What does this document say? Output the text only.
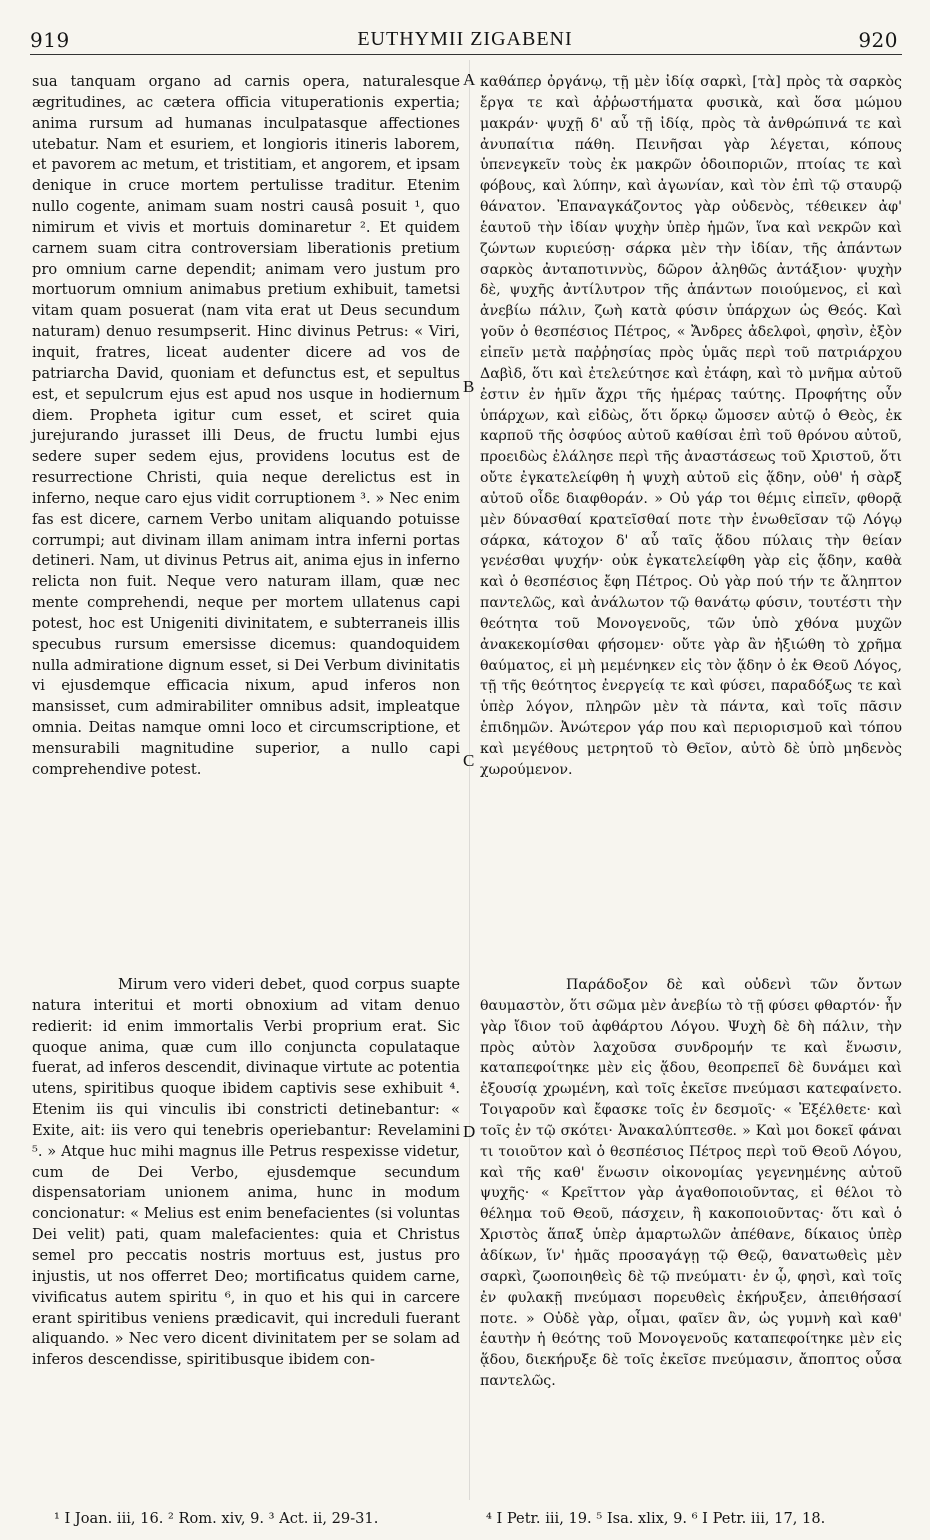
919	EUTHYMII ZIGABENI	920

sua tanquam organo ad carnis opera, naturalesque ægritudines, ac cætera officia vituperationis expertia; anima rursum ad humanas inculpatasque affectiones utebatur. Nam et esuriem, et longioris itineris laborem, et pavorem ac metum, et tristitiam, et angorem, et ipsam denique in cruce mortem pertulisse traditur. Etenim nullo cogente, animam suam nostri causâ posuit ¹, quo nimirum et vivis et mortuis dominaretur ². Et quidem carnem suam citra controversiam liberationis pretium pro omnium carne dependit; animam vero justum pro mortuorum omnium animabus pretium exhibuit, tametsi vitam quam posuerat (nam vita erat ut Deus secundum naturam) denuo resumpserit. Hinc divinus Petrus: « Viri, inquit, fratres, liceat audenter dicere ad vos de patriarcha David, quoniam et defunctus est, et sepultus est, et sepulcrum ejus est apud nos usque in hodiernum diem. Propheta igitur cum esset, et sciret quia jurejurando jurasset illi Deus, de fructu lumbi ejus sedere super sedem ejus, providens locutus est de resurrectione Christi, quia neque derelictus est in inferno, neque caro ejus vidit corruptionem ³. » Nec enim fas est dicere, carnem Verbo unitam aliquando potuisse corrumpi; aut divinam illam animam intra inferni portas detineri. Nam, ut divinus Petrus ait, anima ejus in inferno relicta non fuit. Neque vero naturam illam, quæ nec mente comprehendi, neque per mortem ullatenus capi potest, hoc est Unigeniti divinitatem, e subterraneis illis specubus rursum emersisse dicemus: quandoquidem nulla admiratione dignum esset, si Dei Verbum divinitatis vi ejusdemque efficacia nixum, apud inferos non mansisset, cum admirabiliter omnibus adsit, impleatque omnia. Deitas namque omni loco et circumscriptione, et mensurabili magnitudine superior, a nullo capi comprehendive potest.

καθάπερ ὀργάνῳ, τῇ μὲν ἰδίᾳ σαρκὶ, [τὰ] πρὸς τὰ σαρκὸς ἔργα τε καὶ ἀῤῥωστήματα φυσικὰ, καὶ ὅσα μώμου μακράν· ψυχῇ δ' αὖ τῇ ἰδίᾳ, πρὸς τὰ ἀνθρώπινά τε καὶ ἀνυπαίτια πάθη. Πεινῆσαι γὰρ λέγεται, κόπους ὑπενεγκεῖν τοὺς ἐκ μακρῶν ὁδοιποριῶν, πτοίας τε καὶ φόβους, καὶ λύπην, καὶ ἀγωνίαν, καὶ τὸν ἐπὶ τῷ σταυρῷ θάνατον. Ἐπαναγκάζοντος γὰρ οὐδενὸς, τέθεικεν ἀφ' ἑαυτοῦ τὴν ἰδίαν ψυχὴν ὑπὲρ ἡμῶν, ἵνα καὶ νεκρῶν καὶ ζώντων κυριεύσῃ· σάρκα μὲν τὴν ἰδίαν, τῆς ἁπάντων σαρκὸς ἀνταποτιννὺς, δῶρον ἀληθῶς ἀντάξιον· ψυχὴν δὲ, ψυχῆς ἀντίλυτρον τῆς ἁπάντων ποιούμενος, εἰ καὶ ἀνεβίω πάλιν, ζωὴ κατὰ φύσιν ὑπάρχων ὡς Θεός. Καὶ γοῦν ὁ θεσπέσιος Πέτρος, « Ἄνδρες ἀδελφοὶ, φησὶν, ἐξὸν εἰπεῖν μετὰ παῤῥησίας πρὸς ὑμᾶς περὶ τοῦ πατριάρχου Δαβὶδ, ὅτι καὶ ἐτελεύτησε καὶ ἐτάφη, καὶ τὸ μνῆμα αὐτοῦ ἐστιν ἐν ἡμῖν ἄχρι τῆς ἡμέρας ταύτης. Προφήτης οὖν ὑπάρχων, καὶ εἰδὼς, ὅτι ὅρκῳ ὤμοσεν αὐτῷ ὁ Θεὸς, ἐκ καρποῦ τῆς ὀσφύος αὐτοῦ καθίσαι ἐπὶ τοῦ θρόνου αὐτοῦ, προειδὼς ἐλάλησε περὶ τῆς ἀναστάσεως τοῦ Χριστοῦ, ὅτι οὔτε ἐγκατελείφθη ἡ ψυχὴ αὐτοῦ εἰς ᾅδην, οὐθ' ἡ σὰρξ αὐτοῦ οἶδε διαφθοράν. » Οὐ γάρ τοι θέμις εἰπεῖν, φθορᾷ μὲν δύνασθαί κρατεῖσθαί ποτε τὴν ἑνωθεῖσαν τῷ Λόγῳ σάρκα, κάτοχον δ' αὖ ταῖς ᾅδου πύλαις τὴν θείαν γενέσθαι ψυχήν· οὐκ ἐγκατελείφθη γὰρ εἰς ᾅδην, καθὰ καὶ ὁ θεσπέσιος ἔφη Πέτρος. Οὐ γὰρ πού τήν τε ἄληπτον παντελῶς, καὶ ἀνάλωτον τῷ θανάτῳ φύσιν, τουτέστι τὴν θεότητα τοῦ Μονογενοῦς, τῶν ὑπὸ χθόνα μυχῶν ἀνακεκομίσθαι φήσομεν· οὔτε γὰρ ἂν ἠξιώθη τὸ χρῆμα θαύματος, εἰ μὴ μεμένηκεν εἰς τὸν ᾅδην ὁ ἐκ Θεοῦ Λόγος, τῇ τῆς θεότητος ἐνεργείᾳ τε καὶ φύσει, παραδόξως τε καὶ ὑπὲρ λόγον, πληρῶν μὲν τὰ πάντα, καὶ τοῖς πᾶσιν ἐπιδημῶν. Ἀνώτερον γάρ που καὶ περιορισμοῦ καὶ τόπου καὶ μεγέθους μετρητοῦ τὸ Θεῖον, αὐτὸ δὲ ὑπὸ μηδενὸς χωρούμενον.

Mirum vero videri debet, quod corpus suapte natura interitui et morti obnoxium ad vitam denuo redierit: id enim immortalis Verbi proprium erat. Sic quoque anima, quæ cum illo conjuncta copulataque fuerat, ad inferos descendit, divinaque virtute ac potentia utens, spiritibus quoque ibidem captivis sese exhibuit ⁴. Etenim iis qui vinculis ibi constricti detinebantur: « Exite, ait: iis vero qui tenebris operiebantur: Revelamini ⁵. » Atque huc mihi magnus ille Petrus respexisse videtur, cum de Dei Verbo, ejusdemque secundum dispensatoriam unionem anima, hunc in modum concionatur: « Melius est enim benefacientes (si voluntas Dei velit) pati, quam malefacientes: quia et Christus semel pro peccatis nostris mortuus est, justus pro injustis, ut nos offerret Deo; mortificatus quidem carne, vivificatus autem spiritu ⁶, in quo et his qui in carcere erant spiritibus veniens prædicavit, qui increduli fuerant aliquando. » Nec vero dicent divinitatem per se solam ad inferos descendisse, spiritibusque ibidem con-

Παράδοξον δὲ καὶ οὐδενὶ τῶν ὄντων θαυμαστὸν, ὅτι σῶμα μὲν ἀνεβίω τὸ τῇ φύσει φθαρτόν· ἦν γὰρ ἴδιον τοῦ ἀφθάρτου Λόγου. Ψυχὴ δὲ δὴ πάλιν, τὴν πρὸς αὐτὸν λαχοῦσα συνδρομήν τε καὶ ἕνωσιν, καταπεφοίτηκε μὲν εἰς ᾅδου, θεοπρεπεῖ δὲ δυνάμει καὶ ἐξουσίᾳ χρωμένη, καὶ τοῖς ἐκεῖσε πνεύμασι κατεφαίνετο. Τοιγαροῦν καὶ ἔφασκε τοῖς ἐν δεσμοῖς· « Ἐξέλθετε· καὶ τοῖς ἐν τῷ σκότει· Ἀνακαλύπτεσθε. » Καὶ μοι δοκεῖ φάναι τι τοιοῦτον καὶ ὁ θεσπέσιος Πέτρος περὶ τοῦ Θεοῦ Λόγου, καὶ τῆς καθ' ἕνωσιν οἰκονομίας γεγενημένης αὐτοῦ ψυχῆς· « Κρεῖττον γὰρ ἀγαθοποιοῦντας, εἰ θέλοι τὸ θέλημα τοῦ Θεοῦ, πάσχειν, ἢ κακοποιοῦντας· ὅτι καὶ ὁ Χριστὸς ἅπαξ ὑπὲρ ἁμαρτωλῶν ἀπέθανε, δίκαιος ὑπὲρ ἀδίκων, ἵν' ἡμᾶς προσαγάγῃ τῷ Θεῷ, θανατωθεὶς μὲν σαρκὶ, ζωοποιηθεὶς δὲ τῷ πνεύματι· ἐν ᾧ, φησὶ, καὶ τοῖς ἐν φυλακῇ πνεύμασι πορευθεὶς ἐκήρυξεν, ἀπειθήσασί ποτε. » Οὐδὲ γὰρ, οἶμαι, φαῖεν ἂν, ὡς γυμνὴ καὶ καθ' ἑαυτὴν ἡ θεότης τοῦ Μονογενοῦς καταπεφοίτηκε μὲν εἰς ᾅδου, διεκήρυξε δὲ τοῖς ἐκεῖσε πνεύμασιν, ἄποπτος οὖσα παντελῶς.

A
B
C
D
¹ I Joan. iii, 16. ² Rom. xiv, 9. ³ Act. ii, 29-31.	⁴ I Petr. iii, 19. ⁵ Isa. xlix, 9. ⁶ I Petr. iii, 17, 18.
